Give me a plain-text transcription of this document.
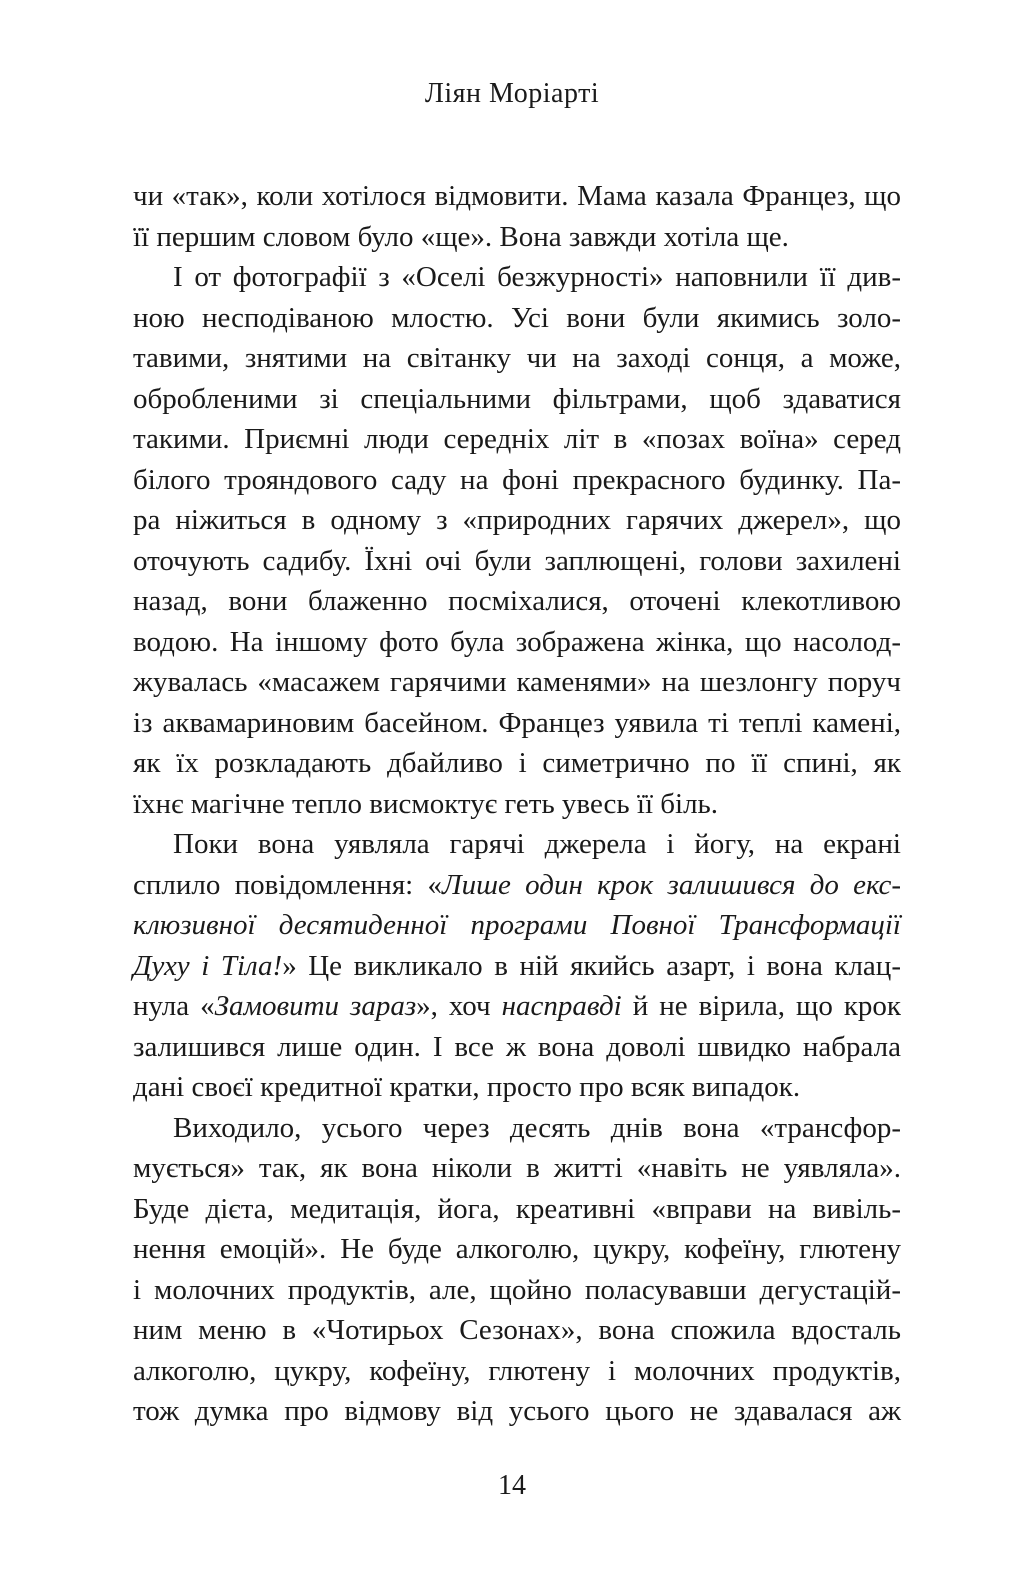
Ліян Моріарті
чи «так», коли хотілося відмовити. Мама казала Францез, що
її першим словом було «ще». Вона завжди хотіла ще.
І от фотографії з «Оселі безжурності» наповнили її див-
ною несподіваною млостю. Усі вони були якимись золо-
тавими, знятими на світанку чи на заході сонця, а може,
обробленими зі спеціальними фільтрами, щоб здаватися
такими. Приємні люди середніх літ в «позах воїна» серед
білого трояндового саду на фоні прекрасного будинку. Па-
ра ніжиться в одному з «природних гарячих джерел», що
оточують садибу. Їхні очі були заплющені, голови захилені
назад, вони блаженно посміхалися, оточені клекотливою
водою. На іншому фото була зображена жінка, що насолод-
жувалась «масажем гарячими каменями» на шезлонгу поруч
із аквамариновим басейном. Францез уявила ті теплі камені,
як їх розкладають дбайливо і симетрично по її спині, як
їхнє магічне тепло висмоктує геть увесь її біль.
Поки вона уявляла гарячі джерела і йогу, на екрані
сплило повідомлення: «Лише один крок залишився до екс-
клюзивної десятиденної програми Повної Трансформації
Духу і Тіла!» Це викликало в ній якийсь азарт, і вона клац-
нула «Замовити зараз», хоч насправді й не вірила, що крок
залишився лише один. І все ж вона доволі швидко набрала
дані своєї кредитної кратки, просто про всяк випадок.
Виходило, усього через десять днів вона «трансфор-
мується» так, як вона ніколи в житті «навіть не уявляла».
Буде дієта, медитація, йога, креативні «вправи на вивіль-
нення емоцій». Не буде алкоголю, цукру, кофеїну, глютену
і молочних продуктів, але, щойно поласувавши дегустацій-
ним меню в «Чотирьох Сезонах», вона спожила вдосталь
алкоголю, цукру, кофеїну, глютену і молочних продуктів,
тож думка про відмову від усього цього не здавалася аж
14
